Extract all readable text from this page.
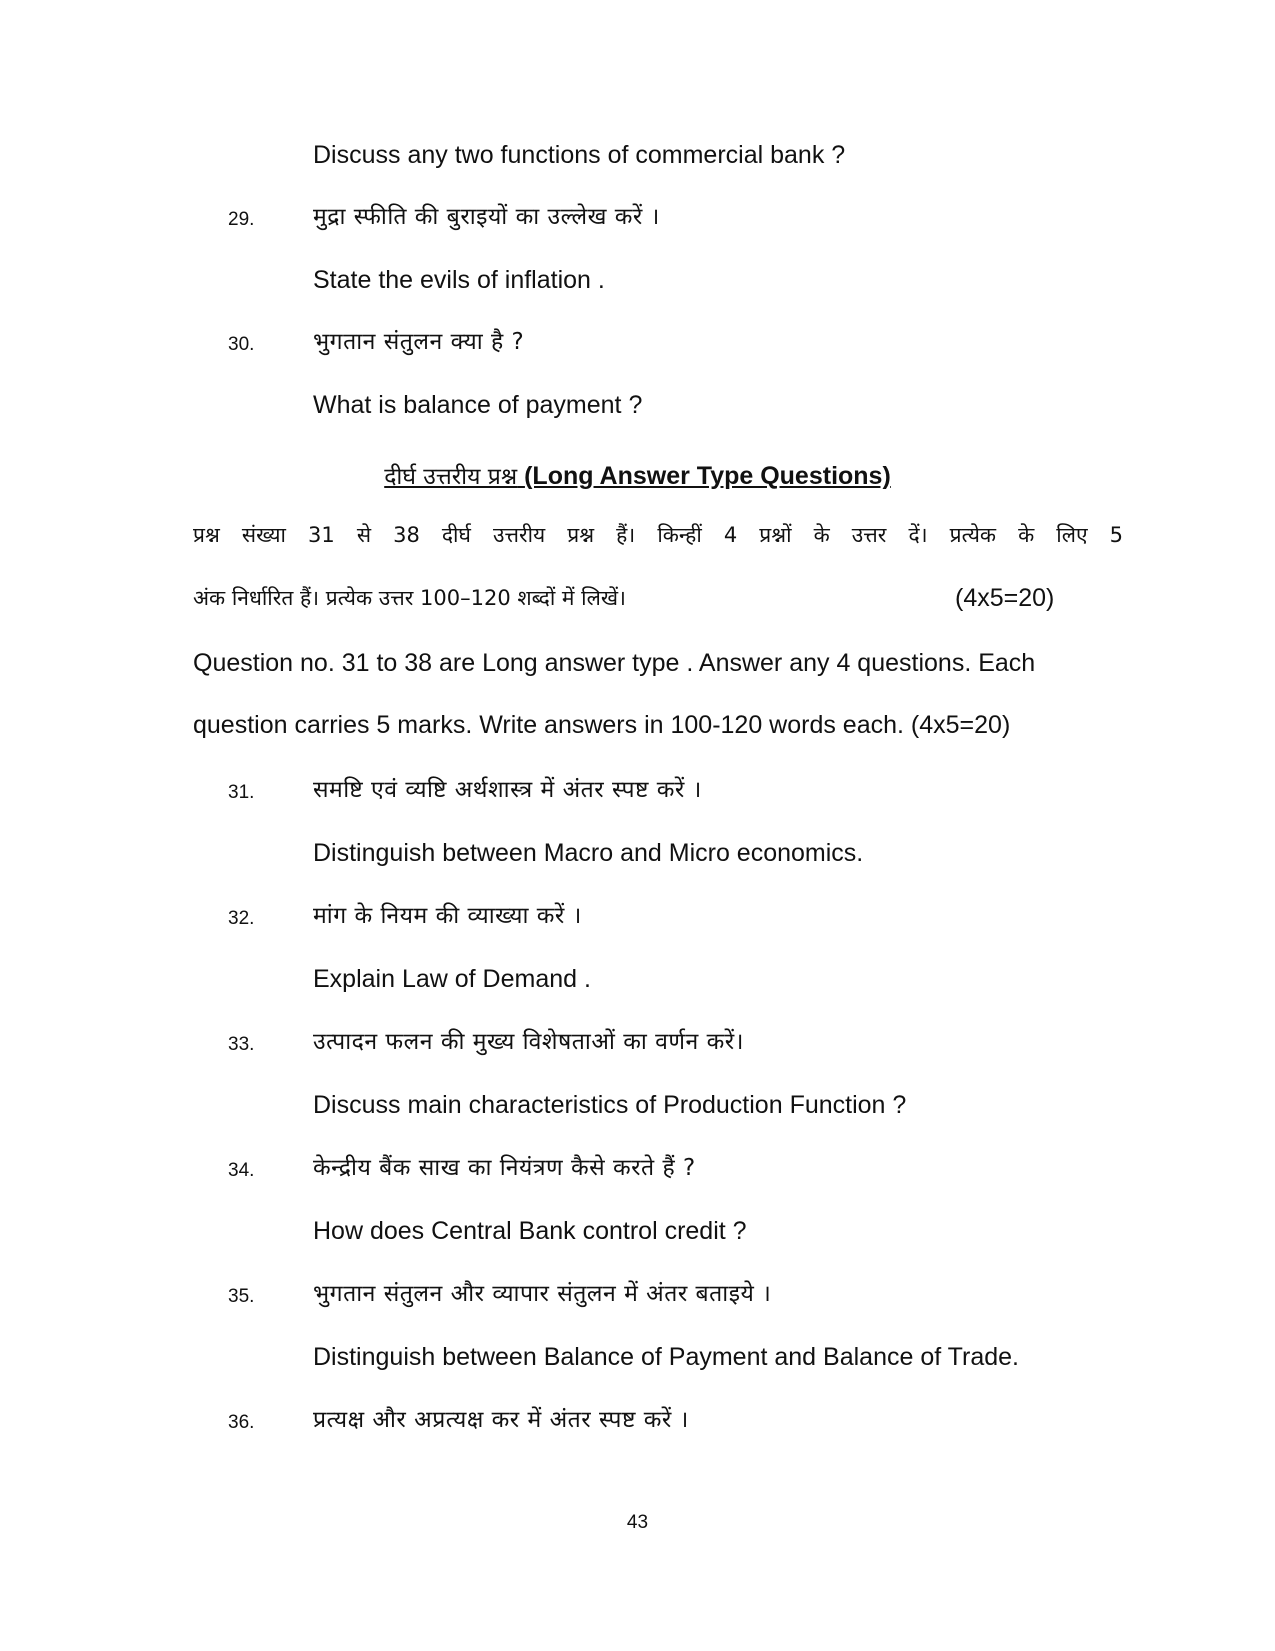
Discuss any two functions of commercial bank ?
29.	मुद्रा स्फीति की बुराइयों का उल्लेख करें ।
State the evils of inflation .
30.	भुगतान संतुलन क्या है ?
What is balance of payment ?
दीर्घ उत्तरीय प्रश्न (Long Answer Type Questions)
प्रश्न संख्या 31 से 38 दीर्घ उत्तरीय प्रश्न हैं। किन्हीं 4 प्रश्नों के उत्तर दें। प्रत्येक के लिए 5
अंक निर्धारित हैं। प्रत्येक उत्तर 100–120 शब्दों में लिखें।	(4x5=20)
Question no. 31 to 38 are Long answer type . Answer any 4 questions. Each
question carries 5 marks. Write answers in 100-120 words each. (4x5=20)
31.	समष्टि एवं व्यष्टि अर्थशास्त्र में अंतर स्पष्ट करें ।
Distinguish between Macro and Micro economics.
32.	मांग के नियम की व्याख्या करें ।
Explain Law of Demand .
33.	उत्पादन फलन की मुख्य विशेषताओं का वर्णन करें।
Discuss main characteristics of Production Function ?
34.	केन्द्रीय बैंक साख का नियंत्रण कैसे करते हैं ?
How does Central Bank control credit ?
35.	भुगतान संतुलन और व्यापार संतुलन में अंतर बताइये ।
Distinguish between Balance of Payment and Balance of Trade.
36.	प्रत्यक्ष और अप्रत्यक्ष कर में अंतर स्पष्ट करें ।
43
